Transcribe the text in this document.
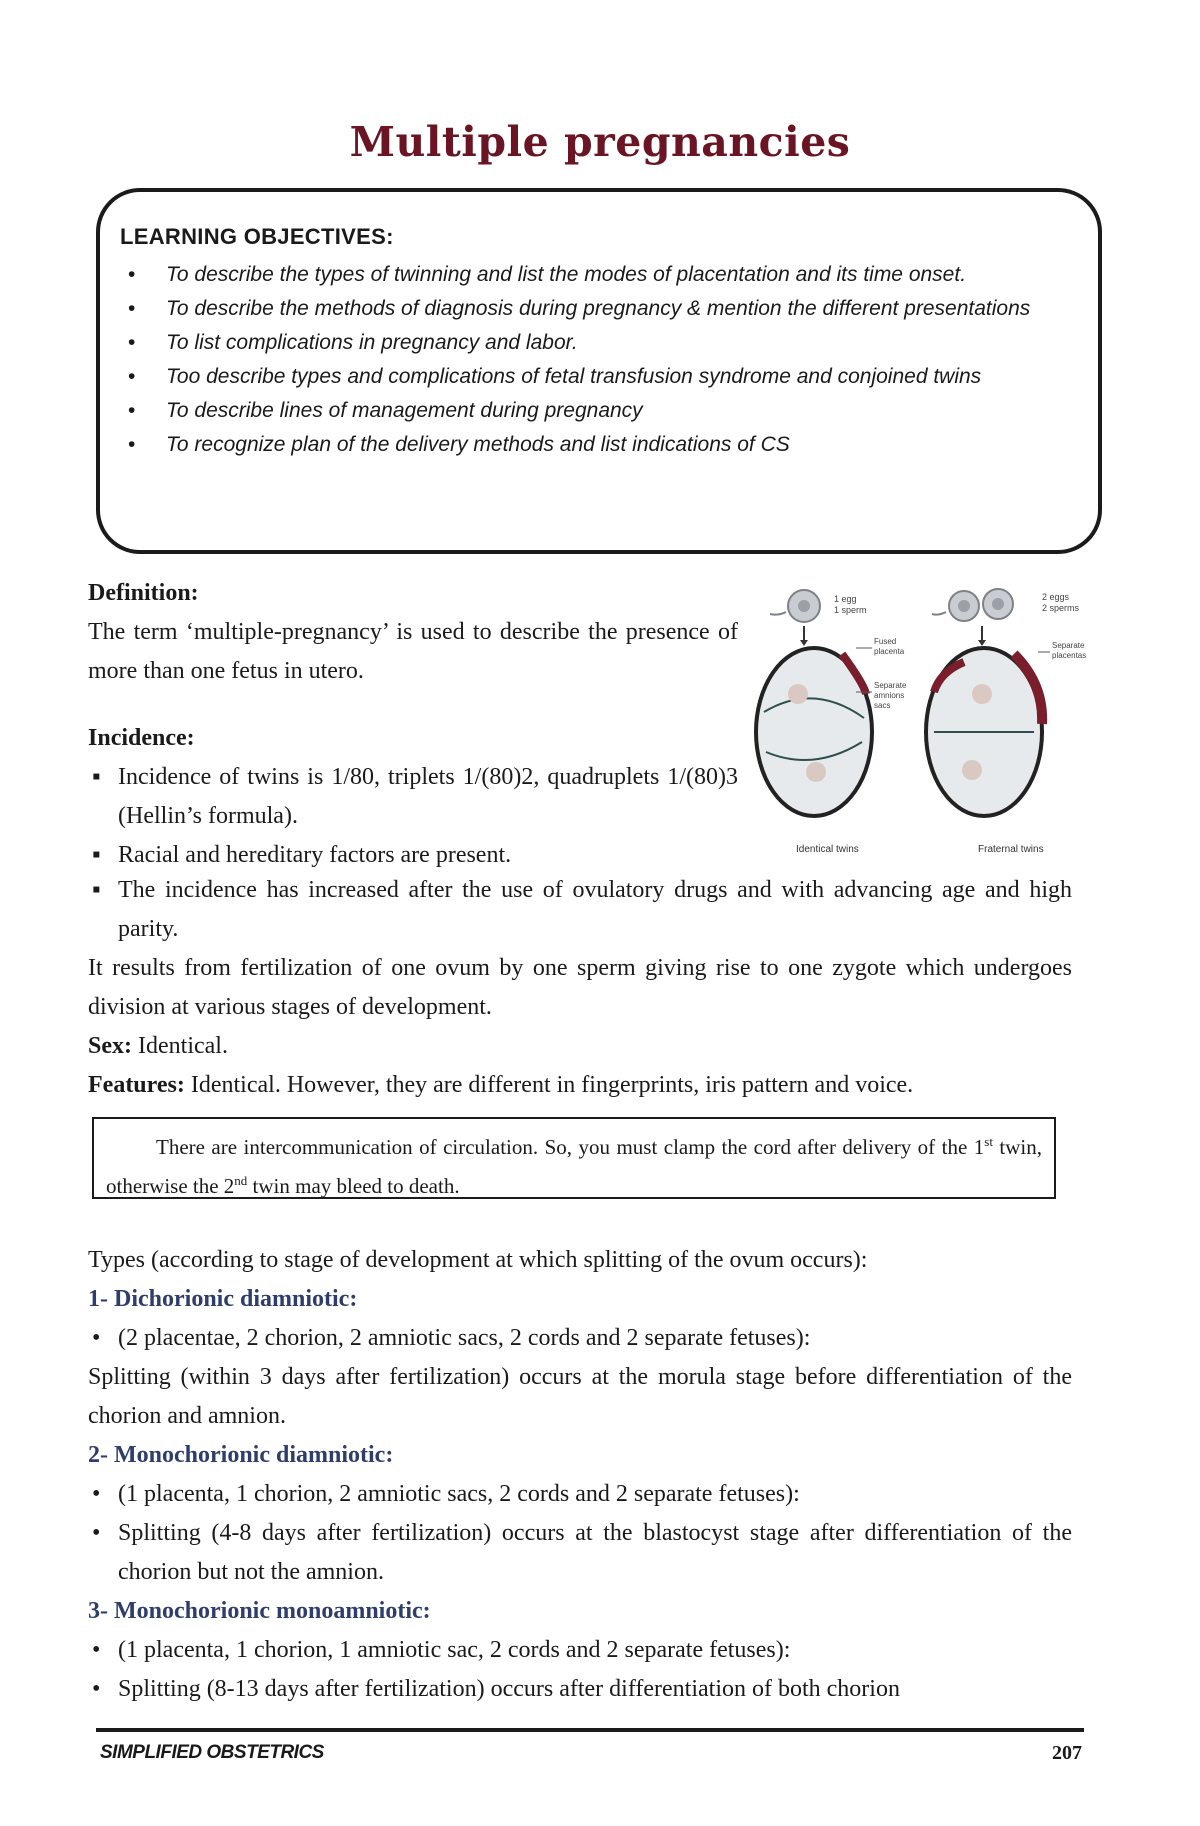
Multiple pregnancies
LEARNING OBJECTIVES:
• To describe the types of twinning and list the modes of placentation and its time onset.
• To describe the methods of diagnosis during pregnancy & mention the different presentations
• To list complications in pregnancy and labor.
• Too describe types and complications of fetal transfusion syndrome and conjoined twins
• To describe lines of management during pregnancy
• To recognize plan of the delivery methods and list indications of CS
Definition:
The term ‘multiple-pregnancy’ is used to describe the presence of more than one fetus in utero.
Incidence:
▪ Incidence of twins is 1/80, triplets 1/(80)2, quadruplets 1/(80)3 (Hellin’s formula).
▪ Racial and hereditary factors are present.
1 egg 1 sperm
2 eggs 2 sperms
Fused
placenta
Separate
amnions
sacs
Separate
placentas
Identical twins	Fraternal twins
▪ The incidence has increased after the use of ovulatory drugs and with advancing age and high parity.
It results from fertilization of one ovum by one sperm giving rise to one zygote which undergoes division at various stages of development.
Sex: Identical.
Features: Identical. However, they are different in fingerprints, iris pattern and voice.
There are intercommunication of circulation. So, you must clamp the cord after delivery of the 1st twin, otherwise the 2nd twin may bleed to death.
Types (according to stage of development at which splitting of the ovum occurs):
1- Dichorionic diamniotic:
• (2 placentae, 2 chorion, 2 amniotic sacs, 2 cords and 2 separate fetuses):
Splitting (within 3 days after fertilization) occurs at the morula stage before differentiation of the chorion and amnion.
2- Monochorionic diamniotic:
• (1 placenta, 1 chorion, 2 amniotic sacs, 2 cords and 2 separate fetuses):
• Splitting (4-8 days after fertilization) occurs at the blastocyst stage after differentiation of the chorion but not the amnion.
3- Monochorionic monoamniotic:
• (1 placenta, 1 chorion, 1 amniotic sac, 2 cords and 2 separate fetuses):
• Splitting (8-13 days after fertilization) occurs after differentiation of both chorion
SIMPLIFIED OBSTETRICS	207
